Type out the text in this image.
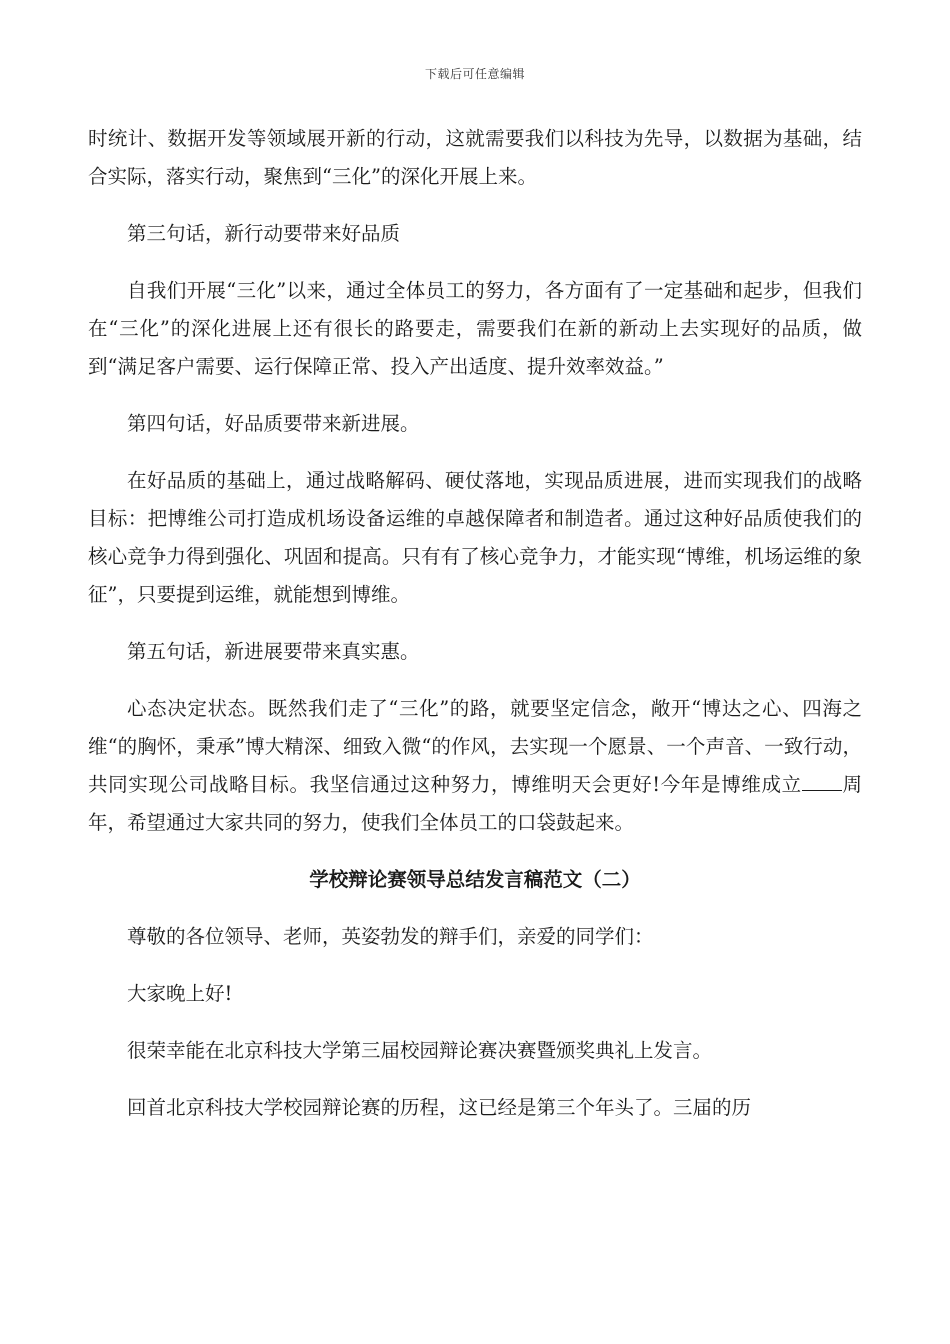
下载后可任意编辑

时统计、数据开发等领域展开新的行动，这就需要我们以科技为先导，以数据为基础，结合实际，落实行动，聚焦到“三化”的深化开展上来。

第三句话，新行动要带来好品质

自我们开展“三化”以来，通过全体员工的努力，各方面有了一定基础和起步，但我们在“三化”的深化进展上还有很长的路要走，需要我们在新的新动上去实现好的品质，做到“满足客户需要、运行保障正常、投入产出适度、提升效率效益。”

第四句话，好品质要带来新进展。

在好品质的基础上，通过战略解码、硬仗落地，实现品质进展，进而实现我们的战略目标：把博维公司打造成机场设备运维的卓越保障者和制造者。通过这种好品质使我们的核心竞争力得到强化、巩固和提高。只有有了核心竞争力，才能实现“博维，机场运维的象征”，只要提到运维，就能想到博维。

第五句话，新进展要带来真实惠。

心态决定状态。既然我们走了“三化”的路，就要坚定信念，敞开“博达之心、四海之维“的胸怀，秉承”博大精深、细致入微“的作风，去实现一个愿景、一个声音、一致行动，共同实现公司战略目标。我坚信通过这种努力，博维明天会更好!今年是博维成立 周年，希望通过大家共同的努力，使我们全体员工的口袋鼓起来。

学校辩论赛领导总结发言稿范文（二）

尊敬的各位领导、老师，英姿勃发的辩手们，亲爱的同学们：

大家晚上好!

很荣幸能在北京科技大学第三届校园辩论赛决赛暨颁奖典礼上发言。

回首北京科技大学校园辩论赛的历程，这已经是第三个年头了。三届的历
